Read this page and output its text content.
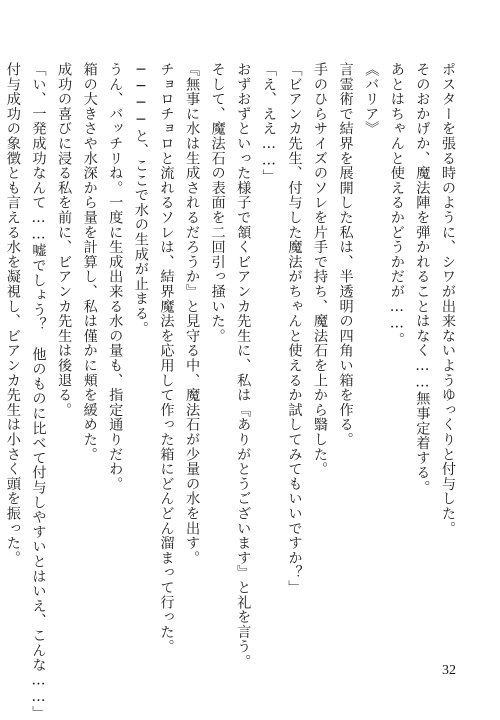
ポスターを張る時のように、シワが出来ないようゆっくりと付与した。
そのおかげか、魔法陣を弾かれることはなく……無事定着する。
あとはちゃんと使えるかどうかだが……。
《バリア》
言霊術で結界を展開した私は、半透明の四角い箱を作る。
手のひらサイズのソレを片手で持ち、魔法石を上から翳した。
「ビアンカ先生、付与した魔法がちゃんと使えるか試してみてもいいですか？」
「え、ええ……」
おずおずといった様子で頷くビアンカ先生に、私は『ありがとうございます』と礼を言う。
そして、魔法石の表面を二回引っ掻いた。
『無事に水は生成されるだろうか』と見守る中、魔法石が少量の水を出す。
チョロチョロと流れるソレは、結界魔法を応用して作った箱にどんどん溜まって行った。
────と、ここで水の生成が止まる。
うん、バッチリね。一度に生成出来る水の量も、指定通りだわ。
箱の大きさや水深から量を計算し、私は僅かに頬を緩めた。
成功の喜びに浸る私を前に、ビアンカ先生は後退る。
「い、一発成功なんて……嘘でしょう？　他のものに比べて付与しやすいとはいえ、こんな……」
付与成功の象徴とも言える水を凝視し、ビアンカ先生は小さく頭を振った。
32
